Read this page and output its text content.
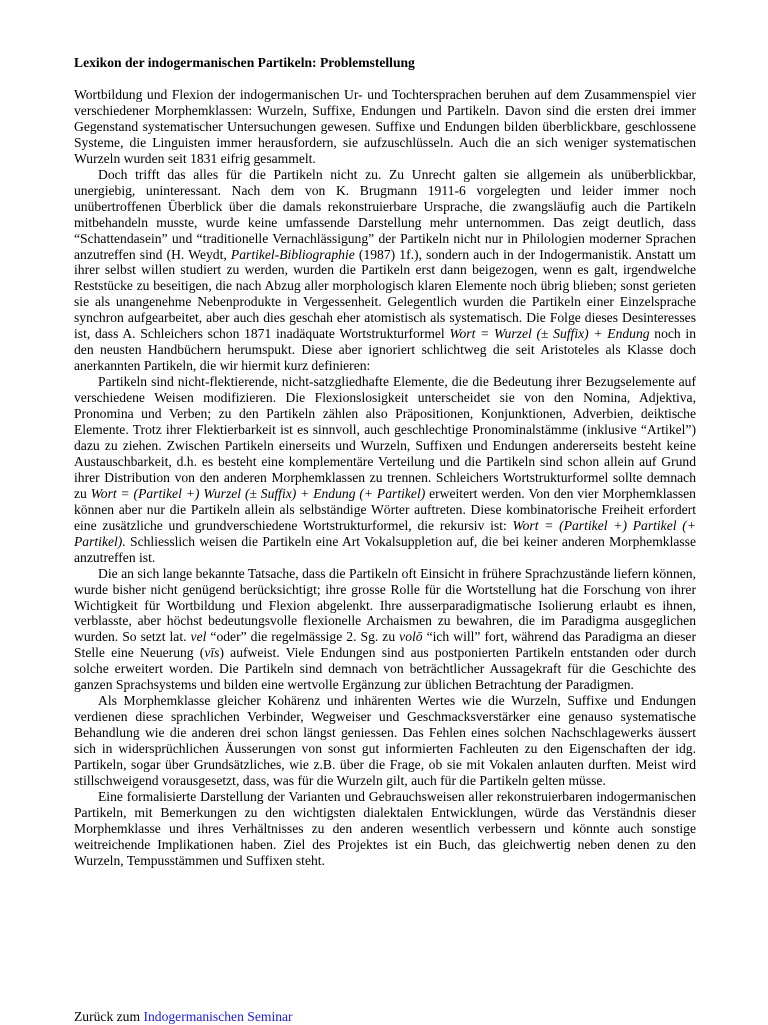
Lexikon der indogermanischen Partikeln: Problemstellung

Wortbildung und Flexion der indogermanischen Ur- und Tochtersprachen beruhen auf dem Zusammenspiel vier verschiedener Morphemklassen: Wurzeln, Suffixe, Endungen und Partikeln. Davon sind die ersten drei immer Gegenstand systematischer Untersuchungen gewesen. Suffixe und Endungen bilden überblickbare, geschlossene Systeme, die Linguisten immer herausfordern, sie aufzuschlüsseln. Auch die an sich weniger systematischen Wurzeln wurden seit 1831 eifrig gesammelt.

Doch trifft das alles für die Partikeln nicht zu. Zu Unrecht galten sie allgemein als unüberblickbar, unergiebig, uninteressant. Nach dem von K. Brugmann 1911-6 vorgelegten und leider immer noch unübertroffenen Überblick über die damals rekonstruierbare Ursprache, die zwangsläufig auch die Partikeln mitbehandeln musste, wurde keine umfassende Darstellung mehr unternommen. Das zeigt deutlich, dass “Schattendasein” und “traditionelle Vernachlässigung” der Partikeln nicht nur in Philologien moderner Sprachen anzutreffen sind (H. Weydt, Partikel-Bibliographie (1987) 1f.), sondern auch in der Indogermanistik. Anstatt um ihrer selbst willen studiert zu werden, wurden die Partikeln erst dann beigezogen, wenn es galt, irgendwelche Reststücke zu beseitigen, die nach Abzug aller morphologisch klaren Elemente noch übrig blieben; sonst gerieten sie als unangenehme Nebenprodukte in Vergessenheit. Gelegentlich wurden die Partikeln einer Einzelsprache synchron aufgearbeitet, aber auch dies geschah eher atomistisch als systematisch. Die Folge dieses Desinteresses ist, dass A. Schleichers schon 1871 inadäquate Wortstrukturformel Wort = Wurzel (± Suffix) + Endung noch in den neusten Handbüchern herumspukt. Diese aber ignoriert schlichtweg die seit Aristoteles als Klasse doch anerkannten Partikeln, die wir hiermit kurz definieren:

Partikeln sind nicht-flektierende, nicht-satzgliedhafte Elemente, die die Bedeutung ihrer Bezugselemente auf verschiedene Weisen modifizieren. Die Flexionslosigkeit unterscheidet sie von den Nomina, Adjektiva, Pronomina und Verben; zu den Partikeln zählen also Präpositionen, Konjunktionen, Adverbien, deiktische Elemente. Trotz ihrer Flektierbarkeit ist es sinnvoll, auch geschlechtige Pronominalstämme (inklusive “Artikel”) dazu zu ziehen. Zwischen Partikeln einerseits und Wurzeln, Suffixen und Endungen andererseits besteht keine Austauschbarkeit, d.h. es besteht eine komplementäre Verteilung und die Partikeln sind schon allein auf Grund ihrer Distribution von den anderen Morphemklassen zu trennen. Schleichers Wortstrukturformel sollte demnach zu Wort = (Partikel +) Wurzel (± Suffix) + Endung (+ Partikel) erweitert werden. Von den vier Morphemklassen können aber nur die Partikeln allein als selbständige Wörter auftreten. Diese kombinatorische Freiheit erfordert eine zusätzliche und grundverschiedene Wortstrukturformel, die rekursiv ist: Wort = (Partikel +) Partikel (+ Partikel). Schliesslich weisen die Partikeln eine Art Vokalsuppletion auf, die bei keiner anderen Morphemklasse anzutreffen ist.

Die an sich lange bekannte Tatsache, dass die Partikeln oft Einsicht in frühere Sprachzustände liefern können, wurde bisher nicht genügend berücksichtigt; ihre grosse Rolle für die Wortstellung hat die Forschung von ihrer Wichtigkeit für Wortbildung und Flexion abgelenkt. Ihre ausserparadigmatische Isolierung erlaubt es ihnen, verblasste, aber höchst bedeutungsvolle flexionelle Archaismen zu bewahren, die im Paradigma ausgeglichen wurden. So setzt lat. vel “oder” die regelmässige 2. Sg. zu volō “ich will” fort, während das Paradigma an dieser Stelle eine Neuerung (vīs) aufweist. Viele Endungen sind aus postponierten Partikeln entstanden oder durch solche erweitert worden. Die Partikeln sind demnach von beträchtlicher Aussagekraft für die Geschichte des ganzen Sprachsystems und bilden eine wertvolle Ergänzung zur üblichen Betrachtung der Paradigmen.

Als Morphemklasse gleicher Kohärenz und inhärenten Wertes wie die Wurzeln, Suffixe und Endungen verdienen diese sprachlichen Verbinder, Wegweiser und Geschmacksverstärker eine genauso systematische Behandlung wie die anderen drei schon längst geniessen. Das Fehlen eines solchen Nachschlagewerks äussert sich in widersprüchlichen Äusserungen von sonst gut informierten Fachleuten zu den Eigenschaften der idg. Partikeln, sogar über Grundsätzliches, wie z.B. über die Frage, ob sie mit Vokalen anlauten durften. Meist wird stillschweigend vorausgesetzt, dass, was für die Wurzeln gilt, auch für die Partikeln gelten müsse.

Eine formalisierte Darstellung der Varianten und Gebrauchsweisen aller rekonstruierbaren indogermanischen Partikeln, mit Bemerkungen zu den wichtigsten dialektalen Entwicklungen, würde das Verständnis dieser Morphemklasse und ihres Verhältnisses zu den anderen wesentlich verbessern und könnte auch sonstige weitreichende Implikationen haben. Ziel des Projektes ist ein Buch, das gleichwertig neben denen zu den Wurzeln, Tempusstämmen und Suffixen steht.

Zurück zum Indogermanischen Seminar
